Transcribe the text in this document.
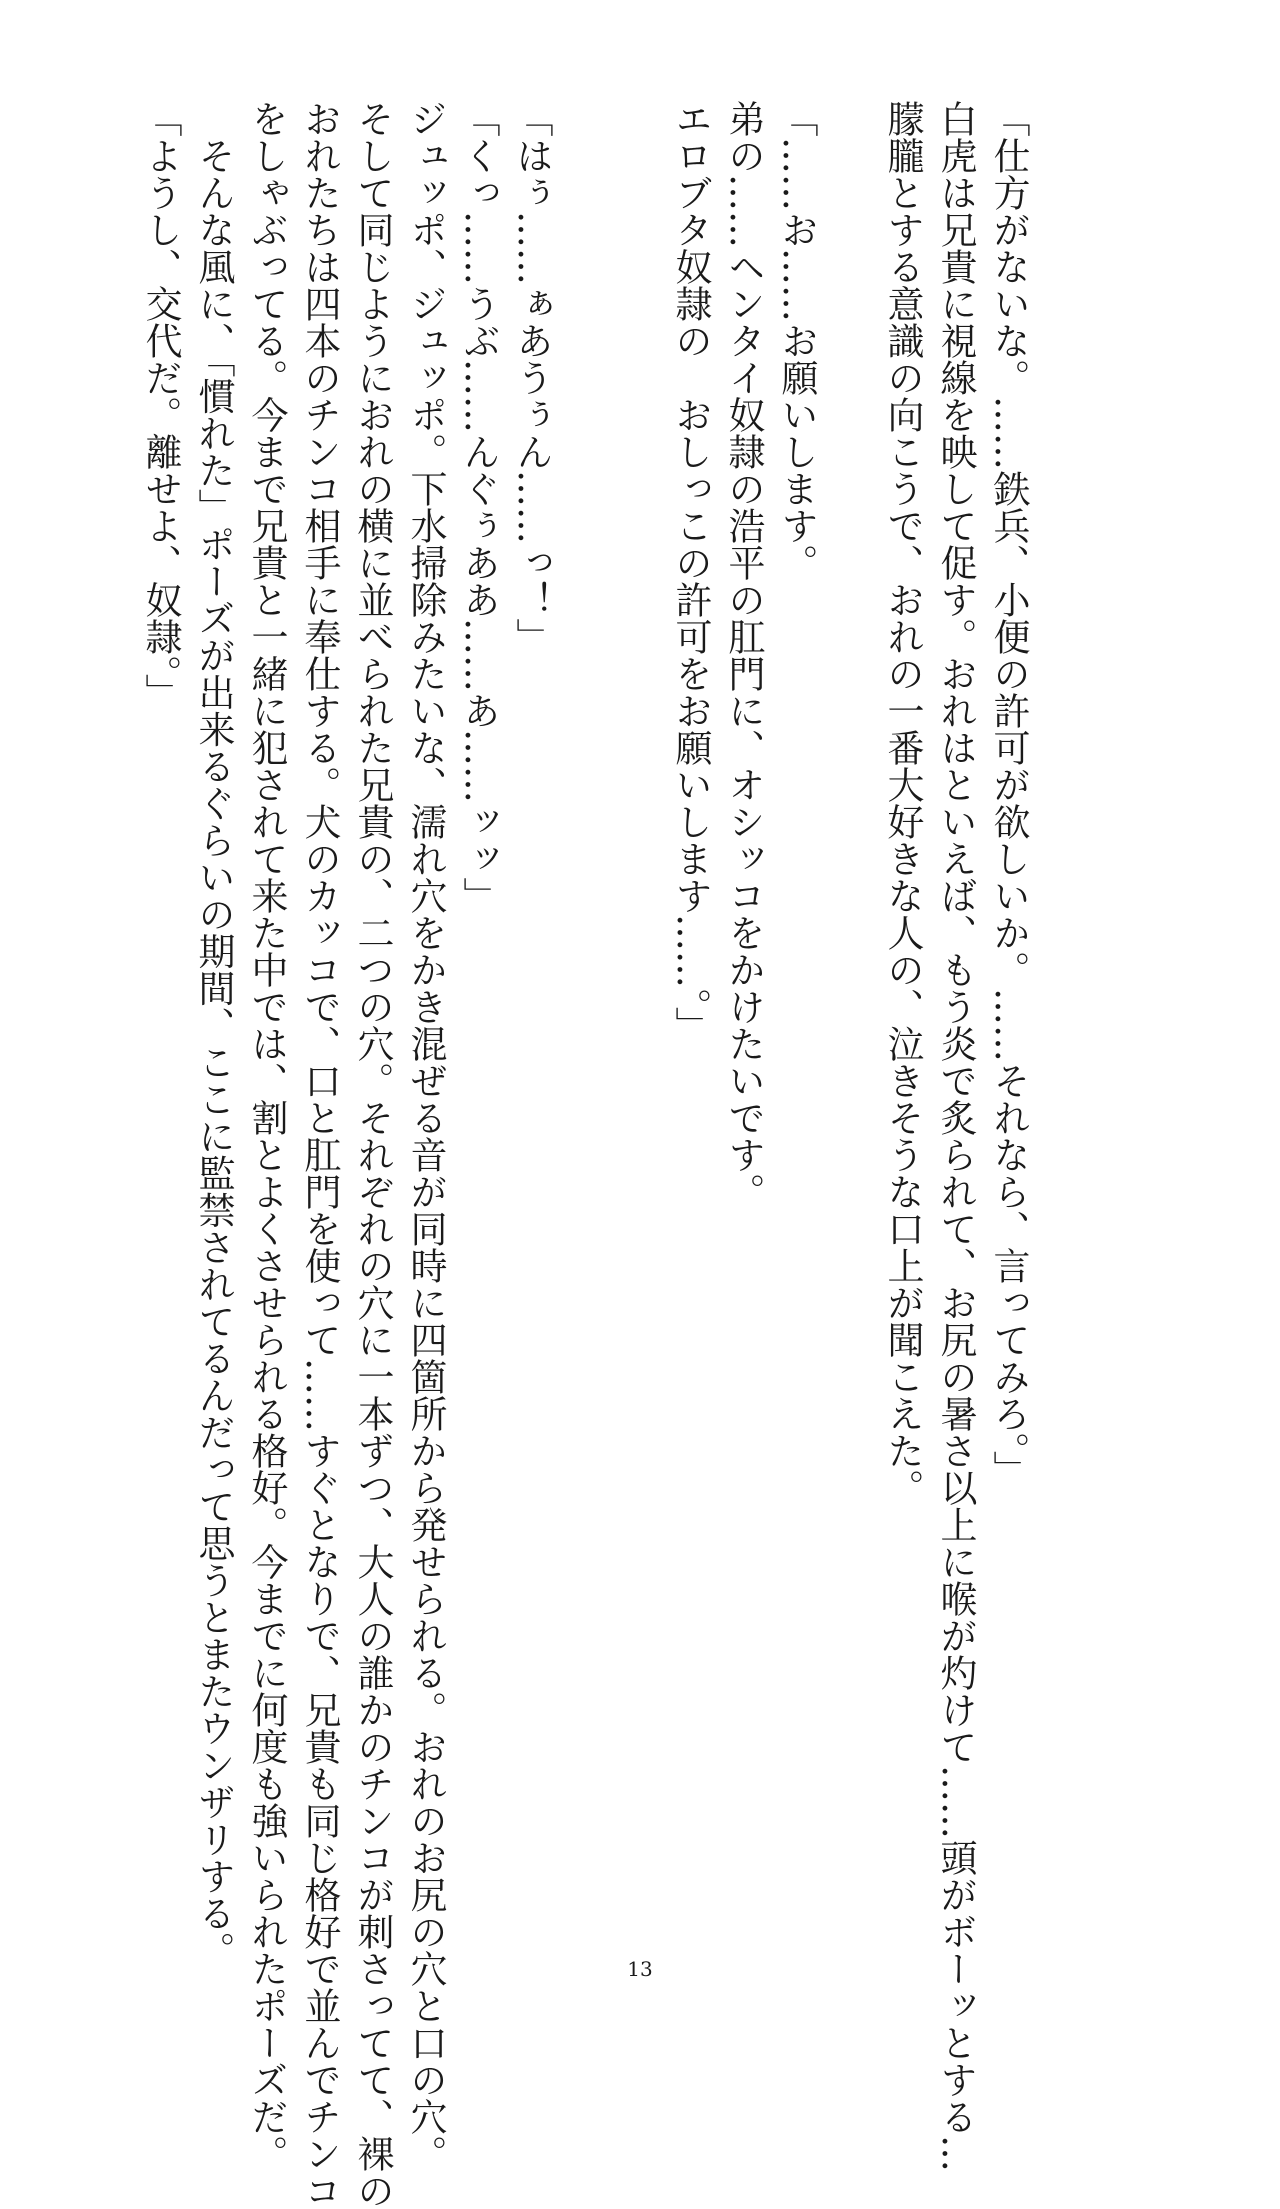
「仕方がないな。……鉄兵、小便の許可が欲しいか。……それなら、言ってみろ。」
白虎は兄貴に視線を映して促す。おれはといえば、もう炎で炙られて、お尻の暑さ以上に喉が灼けて……頭がボーッとする…
朦朧とする意識の向こうで、おれの一番大好きな人の、泣きそうな口上が聞こえた。
「……お……お願いします。
弟の……ヘンタイ奴隷の浩平の肛門に、オシッコをかけたいです。
エロブタ奴隷の　おしっこの許可をお願いします……。」
「はぅ……ぁあうぅん……っ！」
「くっ……うぶ……んぐぅああ……あ……ッッ」
ジュッポ、ジュッポ。下水掃除みたいな、濡れ穴をかき混ぜる音が同時に四箇所から発せられる。おれのお尻の穴と口の穴。
そして同じようにおれの横に並べられた兄貴の、二つの穴。それぞれの穴に一本ずつ、大人の誰かのチンコが刺さってて、裸の
おれたちは四本のチンコ相手に奉仕する。犬のカッコで、口と肛門を使って……すぐとなりで、兄貴も同じ格好で並んでチンコ
をしゃぶってる。今まで兄貴と一緒に犯されて来た中では、割とよくさせられる格好。今までに何度も強いられたポーズだ。
　そんな風に、「慣れた」ポーズが出来るぐらいの期間、ここに監禁されてるんだって思うとまたウンザリする。
「ようし、交代だ。離せよ、奴隷。」
13
